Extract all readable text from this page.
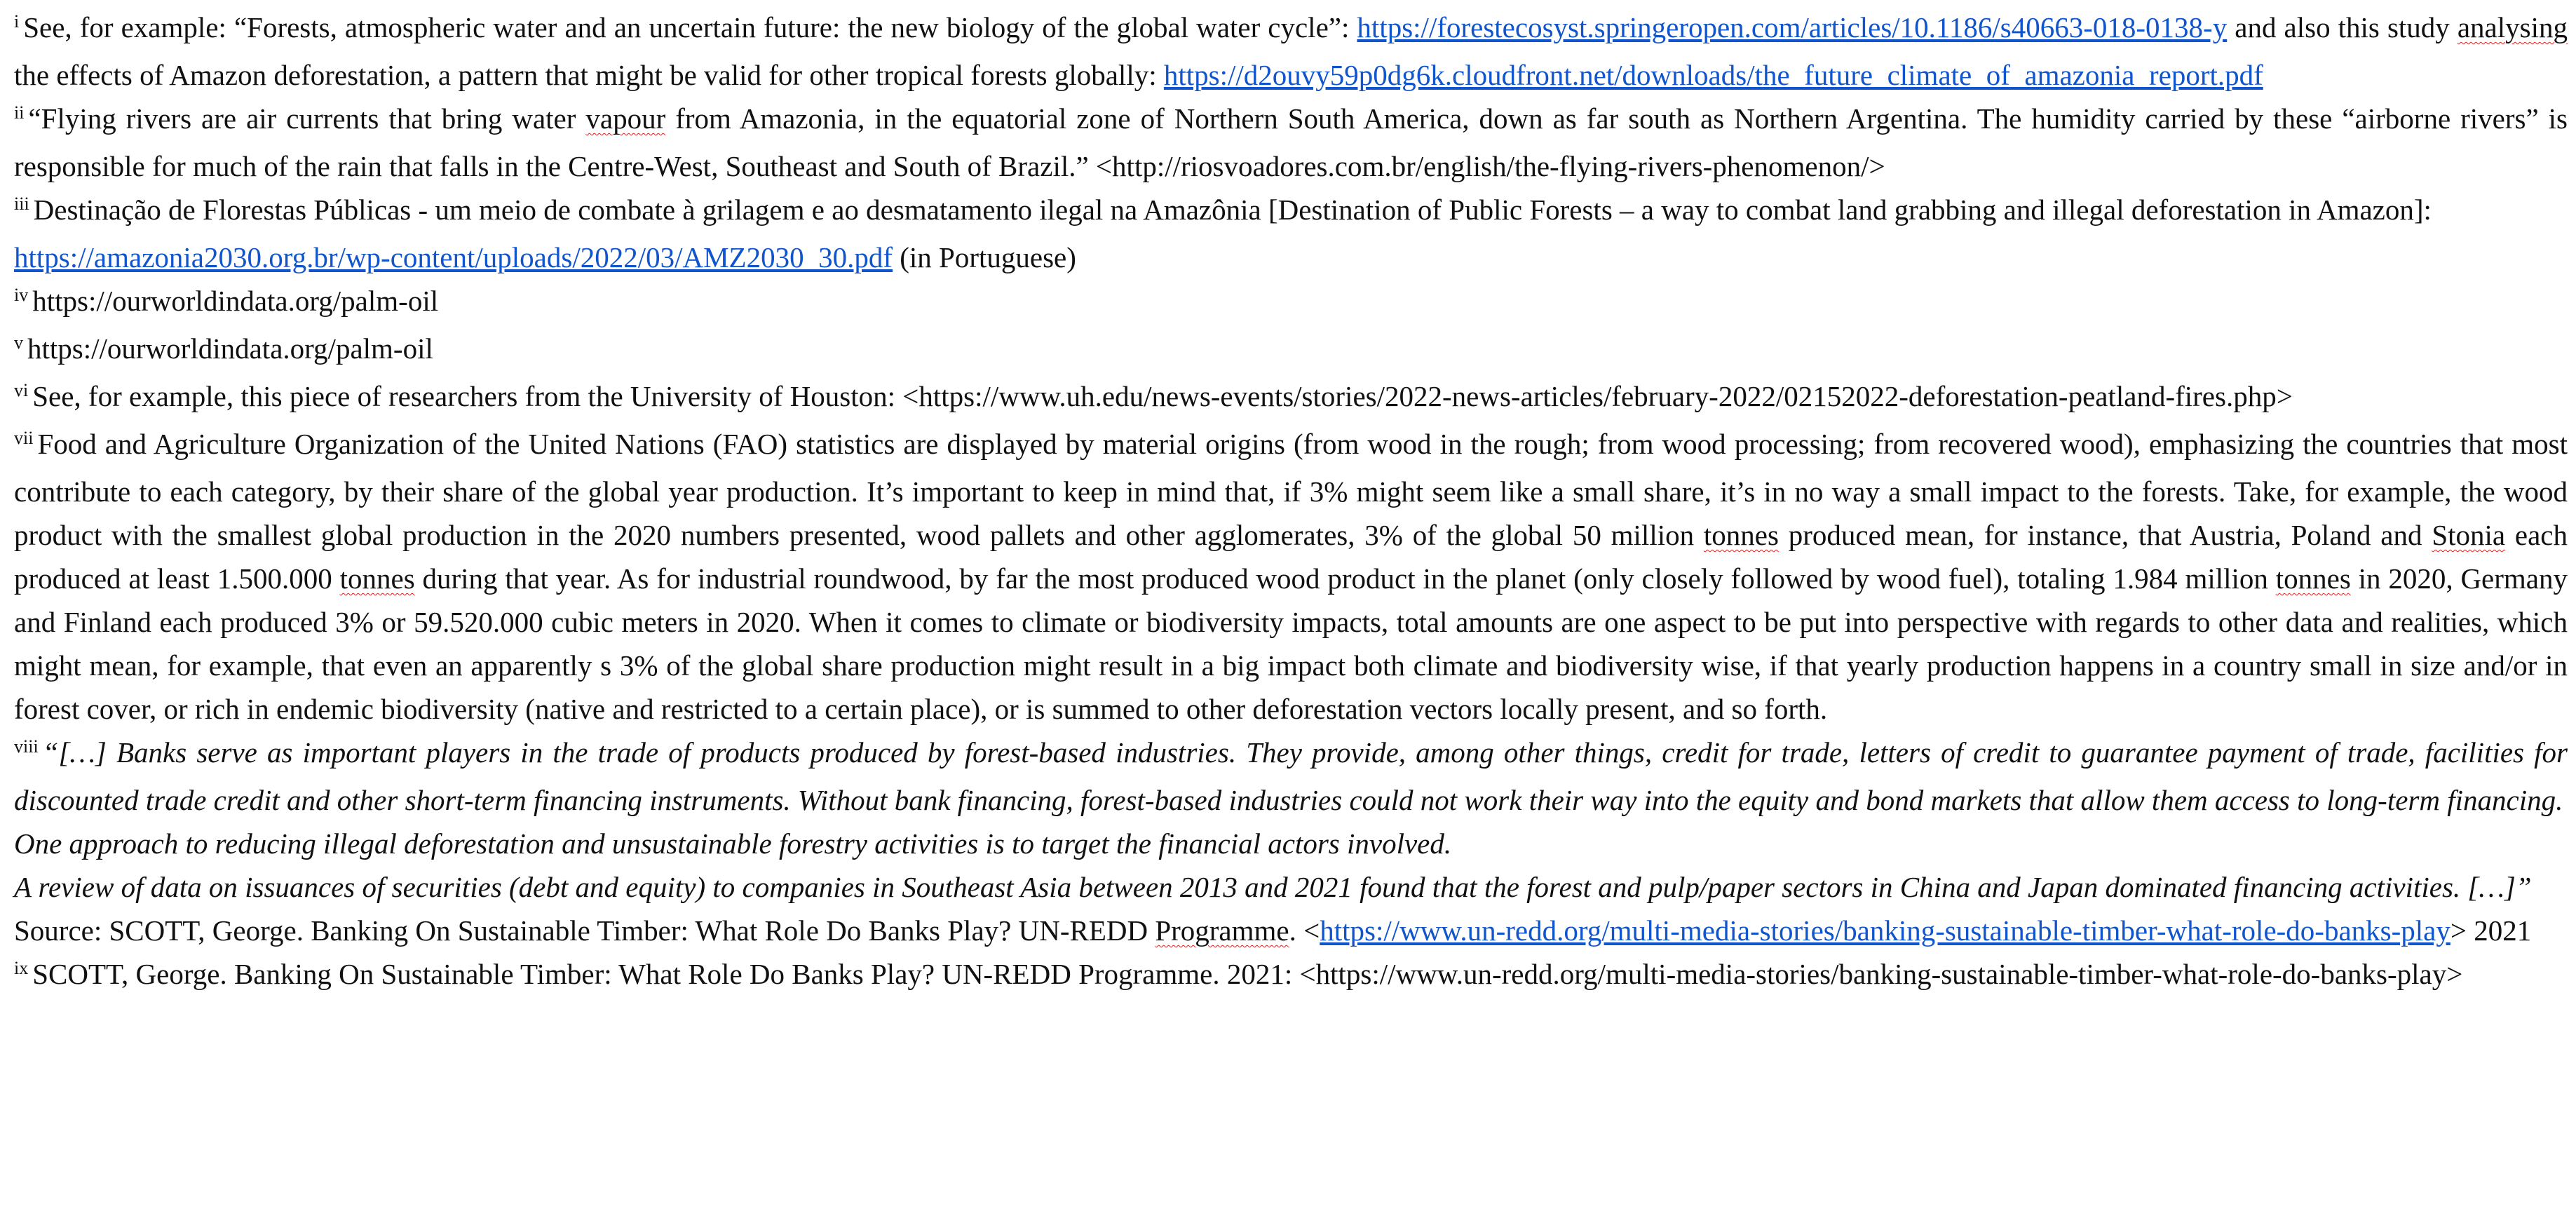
$^i$ See, for example: “Forests, atmospheric water and an uncertain future: the new biology of the global water cycle”: https://forestecosyst.springeropen.com/articles/10.1186/s40663-018-0138-y and also this study analysing the effects of Amazon deforestation, a pattern that might be valid for other tropical forests globally: https://d2ouvy59p0dg6k.cloudfront.net/downloads/the_future_climate_of_amazonia_report.pdf

$^{ii}$ “Flying rivers are air currents that bring water vapour from Amazonia, in the equatorial zone of Northern South America, down as far south as Northern Argentina. The humidity carried by these “airborne rivers” is responsible for much of the rain that falls in the Centre-West, Southeast and South of Brazil.” <http://riosvoadores.com.br/english/the-flying-rivers-phenomenon/>

$^{iii}$ Destinação de Florestas Públicas - um meio de combate à grilagem e ao desmatamento ilegal na Amazônia [Destination of Public Forests – a way to combat land grabbing and illegal deforestation in Amazon]:
https://amazonia2030.org.br/wp-content/uploads/2022/03/AMZ2030_30.pdf (in Portuguese)

$^{iv}$ https://ourworldindata.org/palm-oil

$^v$ https://ourworldindata.org/palm-oil

$^{vi}$ See, for example, this piece of researchers from the University of Houston: <https://www.uh.edu/news-events/stories/2022-news-articles/february-2022/02152022-deforestation-peatland-fires.php>

$^{vii}$ Food and Agriculture Organization of the United Nations (FAO) statistics are displayed by material origins (from wood in the rough; from wood processing; from recovered wood), emphasizing the countries that most contribute to each category, by their share of the global year production. It’s important to keep in mind that, if 3% might seem like a small share, it’s in no way a small impact to the forests. Take, for example, the wood product with the smallest global production in the 2020 numbers presented, wood pallets and other agglomerates, 3% of the global 50 million tonnes produced mean, for instance, that Austria, Poland and Stonia each produced at least 1.500.000 tonnes during that year. As for industrial roundwood, by far the most produced wood product in the planet (only closely followed by wood fuel), totaling 1.984 million tonnes in 2020, Germany and Finland each produced 3% or 59.520.000 cubic meters in 2020. When it comes to climate or biodiversity impacts, total amounts are one aspect to be put into perspective with regards to other data and realities, which might mean, for example, that even an apparently s 3% of the global share production might result in a big impact both climate and biodiversity wise, if that yearly production happens in a country small in size and/or in forest cover, or rich in endemic biodiversity (native and restricted to a certain place), or is summed to other deforestation vectors locally present, and so forth.

$^{viii}$ “[…] Banks serve as important players in the trade of products produced by forest-based industries. They provide, among other things, credit for trade, letters of credit to guarantee payment of trade, facilities for discounted trade credit and other short-term financing instruments. Without bank financing, forest-based industries could not work their way into the equity and bond markets that allow them access to long-term financing.

One approach to reducing illegal deforestation and unsustainable forestry activities is to target the financial actors involved.

A review of data on issuances of securities (debt and equity) to companies in Southeast Asia between 2013 and 2021 found that the forest and pulp/paper sectors in China and Japan dominated financing activities. […]”

Source: SCOTT, George. Banking On Sustainable Timber: What Role Do Banks Play? UN-REDD Programme. <https://www.un-redd.org/multi-media-stories/banking-sustainable-timber-what-role-do-banks-play> 2021

$^{ix}$ SCOTT, George. Banking On Sustainable Timber: What Role Do Banks Play? UN-REDD Programme. 2021: <https://www.un-redd.org/multi-media-stories/banking-sustainable-timber-what-role-do-banks-play>
